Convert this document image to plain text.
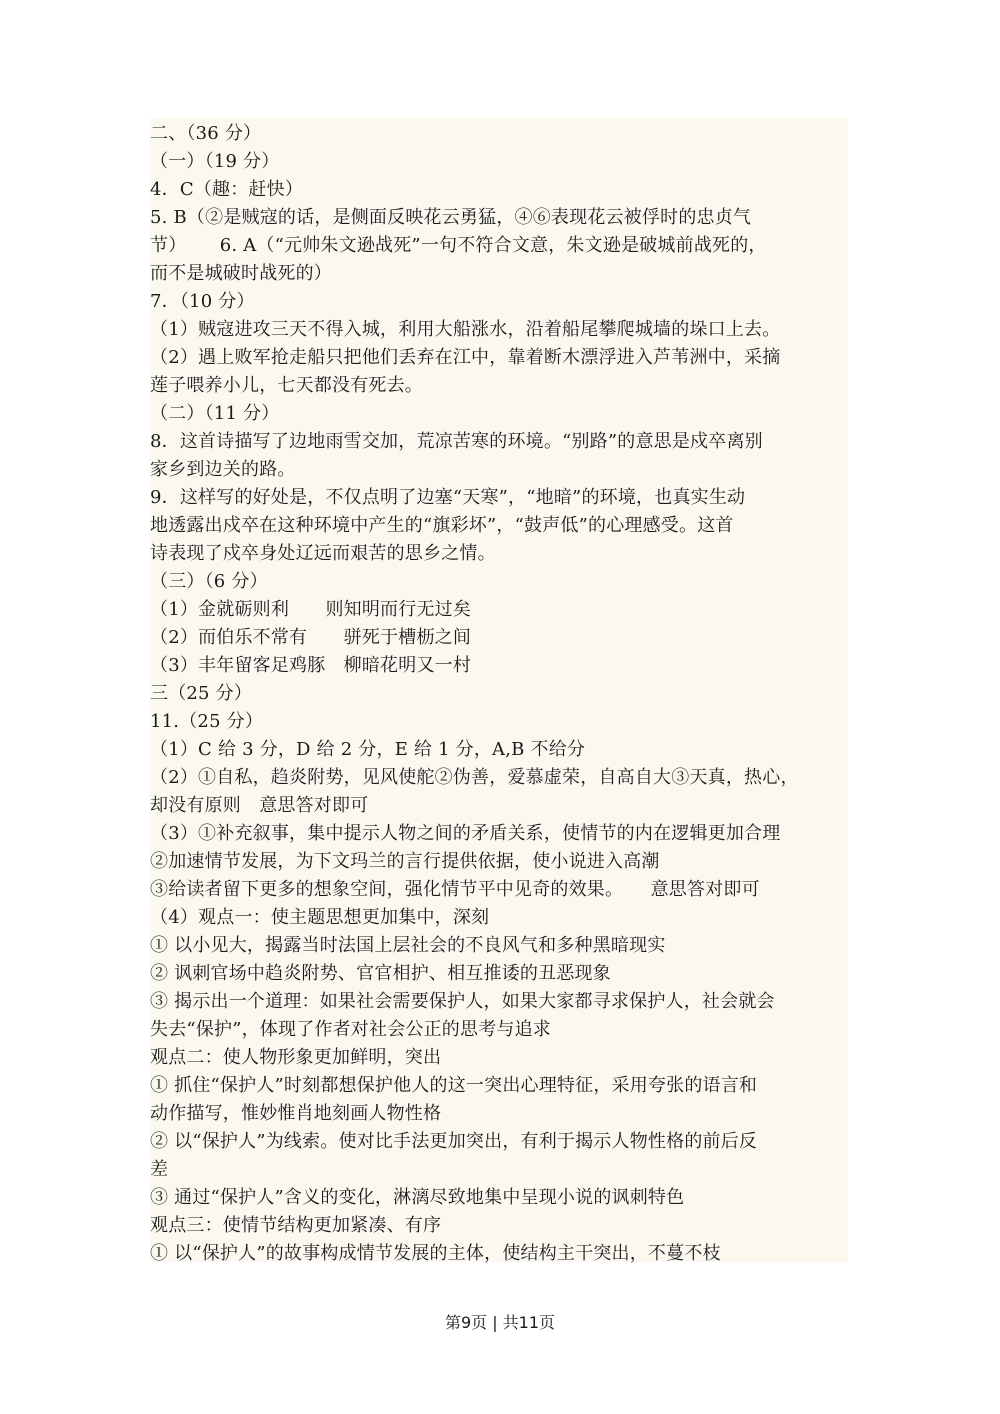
二、（36 分）
（一）（19 分）
4．C（趣：赶快）
5. B（②是贼寇的话，是侧面反映花云勇猛，④⑥表现花云被俘时的忠贞气
节）　　 6. A（“元帅朱文逊战死”一句不符合文意，朱文逊是破城前战死的，
而不是城破时战死的）
7．（10 分）
（1）贼寇进攻三天不得入城，利用大船涨水，沿着船尾攀爬城墙的垛口上去。
（2）遇上败军抢走船只把他们丢弃在江中，靠着断木漂浮进入芦苇洲中，采摘
莲子喂养小儿，七天都没有死去。
（二）（11 分）
8．这首诗描写了边地雨雪交加，荒凉苦寒的环境。“别路”的意思是戍卒离别
家乡到边关的路。
9．这样写的好处是，不仅点明了边塞“天寒”，“地暗”的环境，也真实生动
地透露出戍卒在这种环境中产生的“旗彩坏”，“鼓声低”的心理感受。这首
诗表现了戍卒身处辽远而艰苦的思乡之情。
（三）（6 分）
（1）金就砺则利　　则知明而行无过矣
（2）而伯乐不常有　　骈死于槽枥之间
（3）丰年留客足鸡豚　柳暗花明又一村
三（25 分）
11.（25 分）
（1）C 给 3 分，D 给 2 分，E 给 1 分，A,B 不给分
（2）①自私，趋炎附势，见风使舵②伪善，爱慕虚荣，自高自大③天真，热心，
却没有原则　意思答对即可
（3）①补充叙事，集中提示人物之间的矛盾关系，使情节的内在逻辑更加合理
②加速情节发展，为下文玛兰的言行提供依据，使小说进入高潮
③给读者留下更多的想象空间，强化情节平中见奇的效果。　　意思答对即可
（4）观点一：使主题思想更加集中，深刻
① 以小见大，揭露当时法国上层社会的不良风气和多种黑暗现实
② 讽刺官场中趋炎附势、官官相护、相互推诿的丑恶现象
③ 揭示出一个道理：如果社会需要保护人，如果大家都寻求保护人，社会就会
失去“保护”，体现了作者对社会公正的思考与追求
观点二：使人物形象更加鲜明，突出
① 抓住“保护人”时刻都想保护他人的这一突出心理特征，采用夸张的语言和
动作描写，惟妙惟肖地刻画人物性格
② 以“保护人”为线索。使对比手法更加突出，有利于揭示人物性格的前后反
差
③ 通过“保护人”含义的变化，淋漓尽致地集中呈现小说的讽刺特色
观点三：使情节结构更加紧凑、有序
① 以“保护人”的故事构成情节发展的主体，使结构主干突出，不蔓不枝
第9页 | 共11页
